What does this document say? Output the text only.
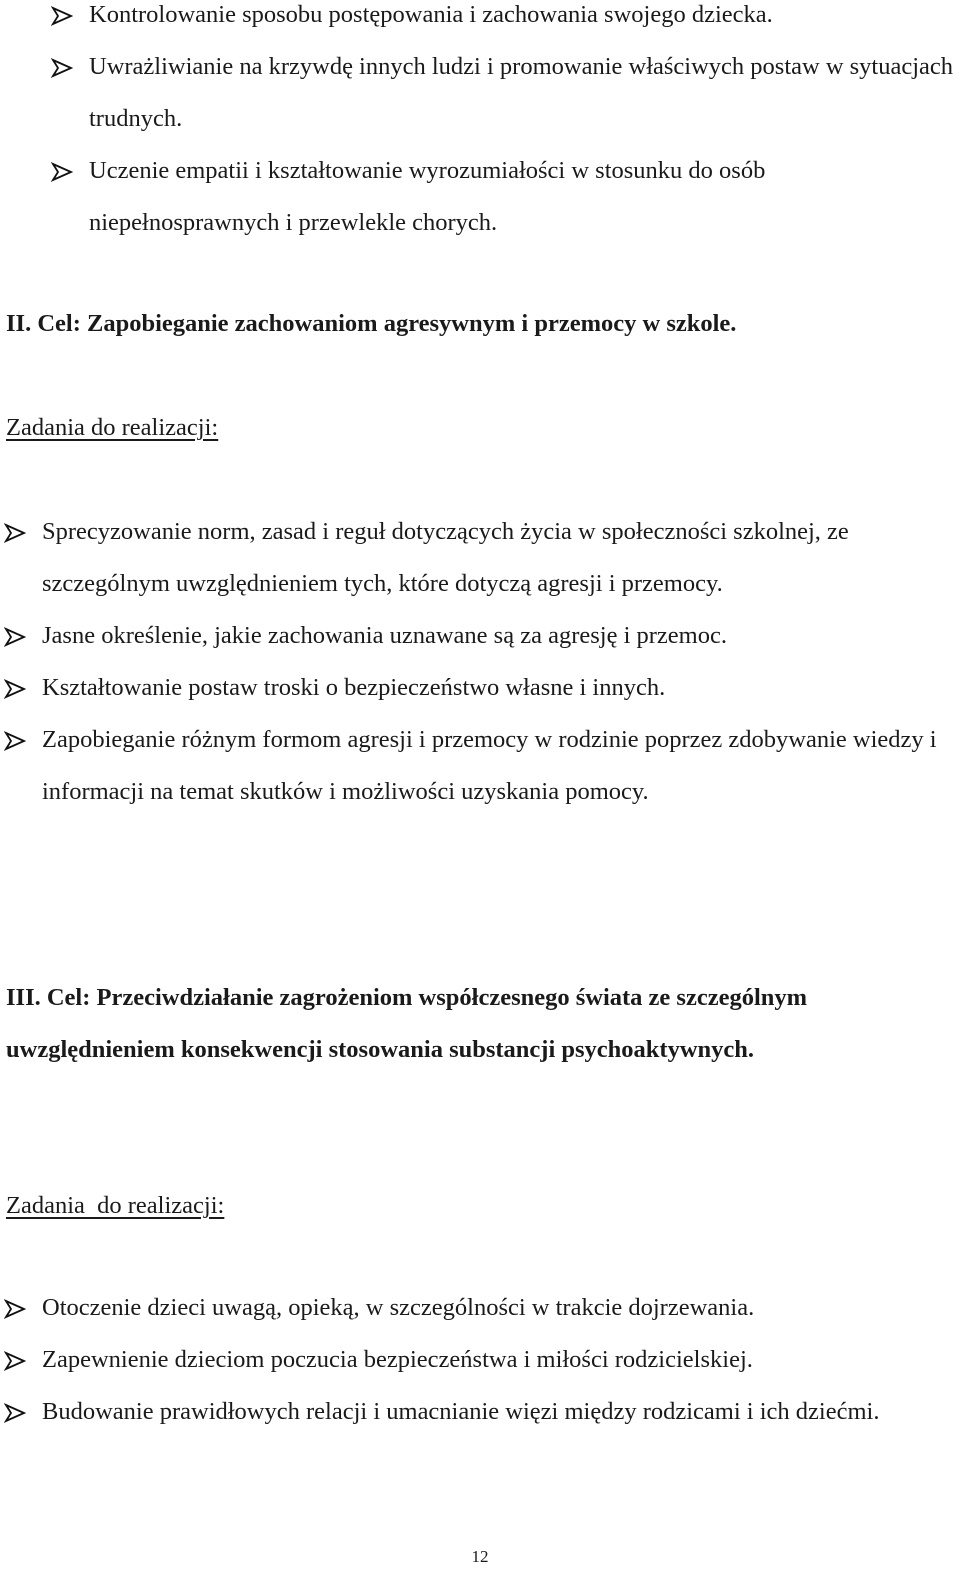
Kontrolowanie sposobu postępowania i zachowania swojego dziecka.
Uwrażliwianie na krzywdę innych ludzi i promowanie właściwych postaw w sytuacjach trudnych.
Uczenie empatii i kształtowanie wyrozumiałości w stosunku do osób niepełnosprawnych i przewlekle chorych.

II. Cel: Zapobieganie zachowaniom agresywnym i przemocy w szkole.

Zadania do realizacji:

Sprecyzowanie norm, zasad i reguł dotyczących życia w społeczności szkolnej, ze szczególnym uwzględnieniem tych, które dotyczą agresji i przemocy.
Jasne określenie, jakie zachowania uznawane są za agresję i przemoc.
Kształtowanie postaw troski o bezpieczeństwo własne i innych.
Zapobieganie różnym formom agresji i przemocy w rodzinie poprzez zdobywanie wiedzy i informacji na temat skutków i możliwości uzyskania pomocy.

III. Cel: Przeciwdziałanie zagrożeniom współczesnego świata ze szczególnym uwzględnieniem konsekwencji stosowania substancji psychoaktywnych.

Zadania  do realizacji:

Otoczenie dzieci uwagą, opieką, w szczególności w trakcie dojrzewania.
Zapewnienie dzieciom poczucia bezpieczeństwa i miłości rodzicielskiej.
Budowanie prawidłowych relacji i umacnianie więzi między rodzicami i ich dziećmi.
12
